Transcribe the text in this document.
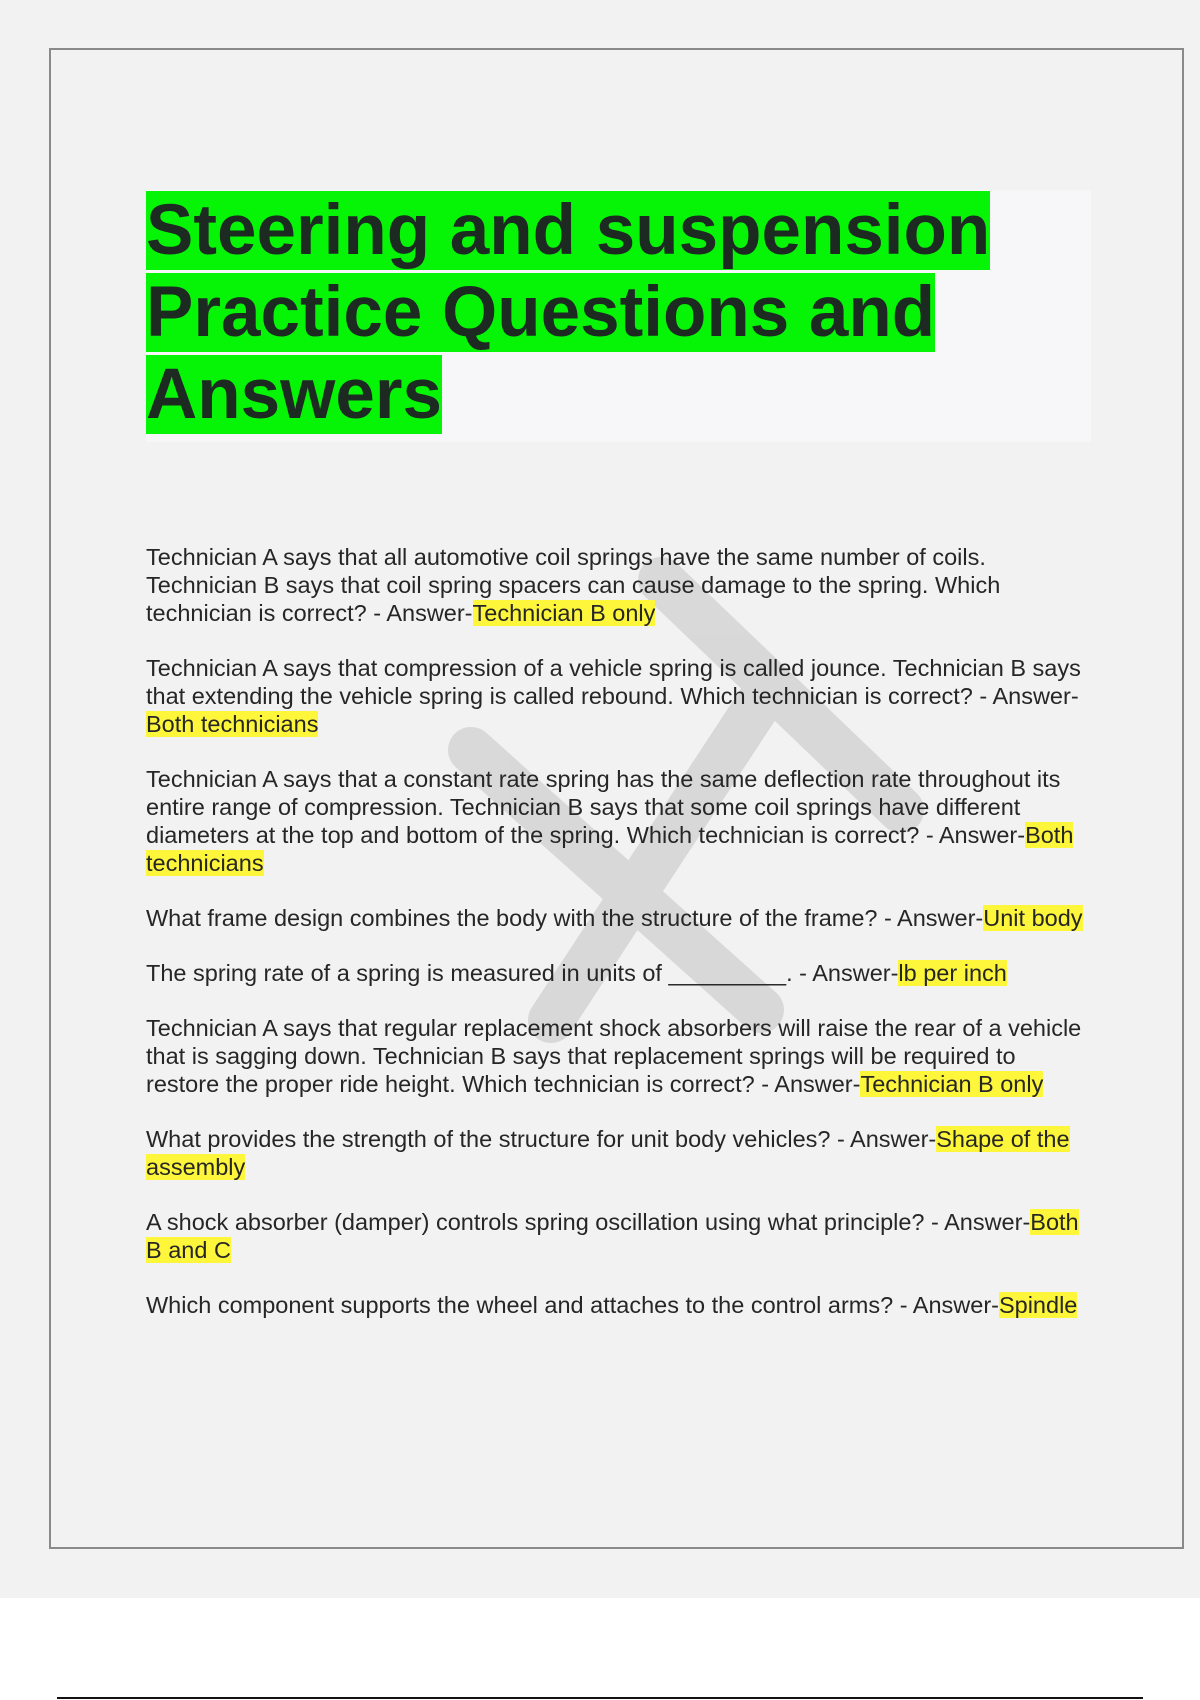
Steering and suspension Practice Questions and Answers

Technician A says that all automotive coil springs have the same number of coils. Technician B says that coil spring spacers can cause damage to the spring. Which technician is correct? - Answer-Technician B only

Technician A says that compression of a vehicle spring is called jounce. Technician B says that extending the vehicle spring is called rebound. Which technician is correct? - Answer-Both technicians

Technician A says that a constant rate spring has the same deflection rate throughout its entire range of compression. Technician B says that some coil springs have different diameters at the top and bottom of the spring. Which technician is correct? - Answer-Both technicians

What frame design combines the body with the structure of the frame? - Answer-Unit body

The spring rate of a spring is measured in units of _________. - Answer-lb per inch

Technician A says that regular replacement shock absorbers will raise the rear of a vehicle that is sagging down. Technician B says that replacement springs will be required to restore the proper ride height. Which technician is correct? - Answer-Technician B only

What provides the strength of the structure for unit body vehicles? - Answer-Shape of the assembly

A shock absorber (damper) controls spring oscillation using what principle? - Answer-Both B and C

Which component supports the wheel and attaches to the control arms? - Answer-Spindle
